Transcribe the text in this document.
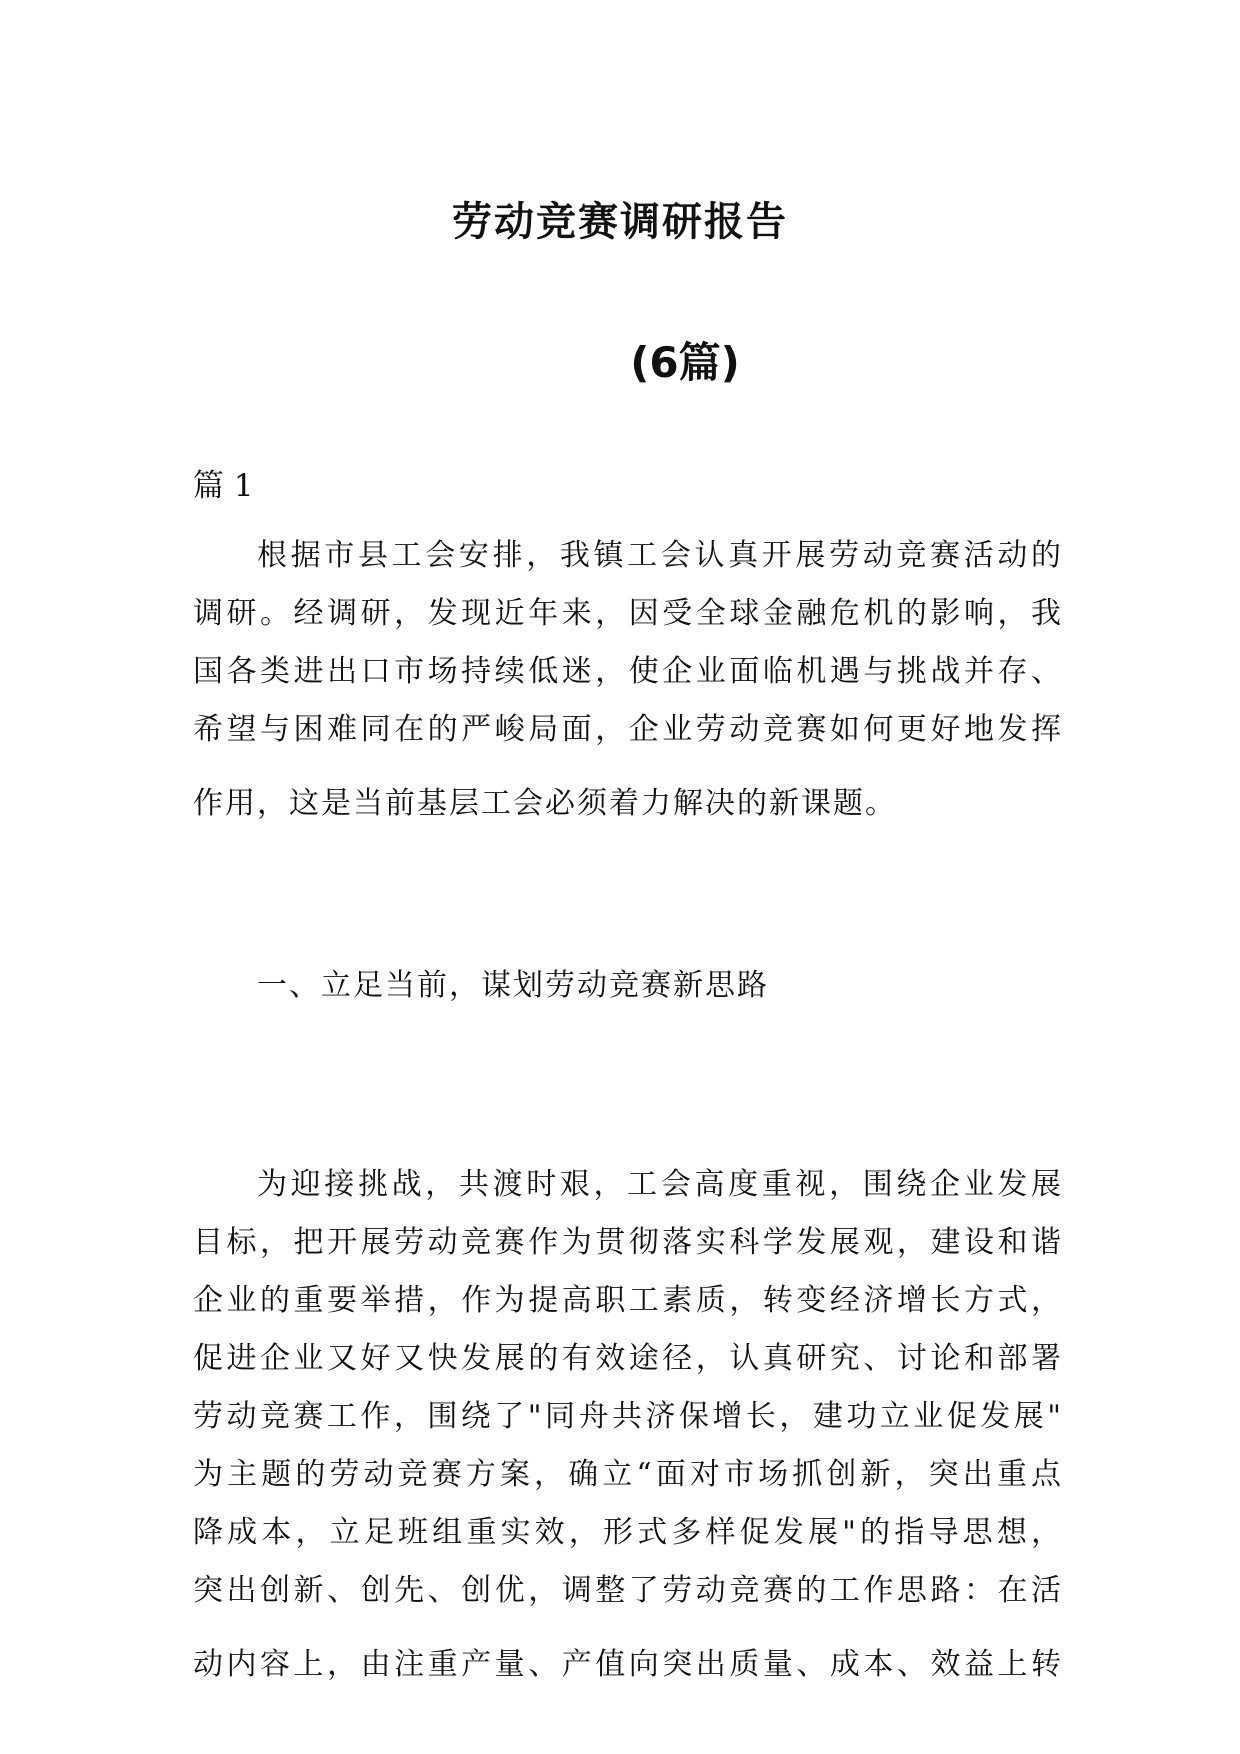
劳动竞赛调研报告
(6篇)
篇 1
根据市县工会安排，我镇工会认真开展劳动竞赛活动的
调研。经调研，发现近年来，因受全球金融危机的影响，我
国各类进出口市场持续低迷，使企业面临机遇与挑战并存、
希望与困难同在的严峻局面，企业劳动竞赛如何更好地发挥
作用，这是当前基层工会必须着力解决的新课题。
一、立足当前，谋划劳动竞赛新思路
为迎接挑战，共渡时艰，工会高度重视，围绕企业发展
目标，把开展劳动竞赛作为贯彻落实科学发展观，建设和谐
企业的重要举措，作为提高职工素质，转变经济增长方式，
促进企业又好又快发展的有效途径，认真研究、讨论和部署
劳动竞赛工作，围绕了"同舟共济保增长，建功立业促发展"
为主题的劳动竞赛方案，确立“面对市场抓创新，突出重点
降成本，立足班组重实效，形式多样促发展"的指导思想，
突出创新、创先、创优，调整了劳动竞赛的工作思路：在活
动内容上，由注重产量、产值向突出质量、成本、效益上转
